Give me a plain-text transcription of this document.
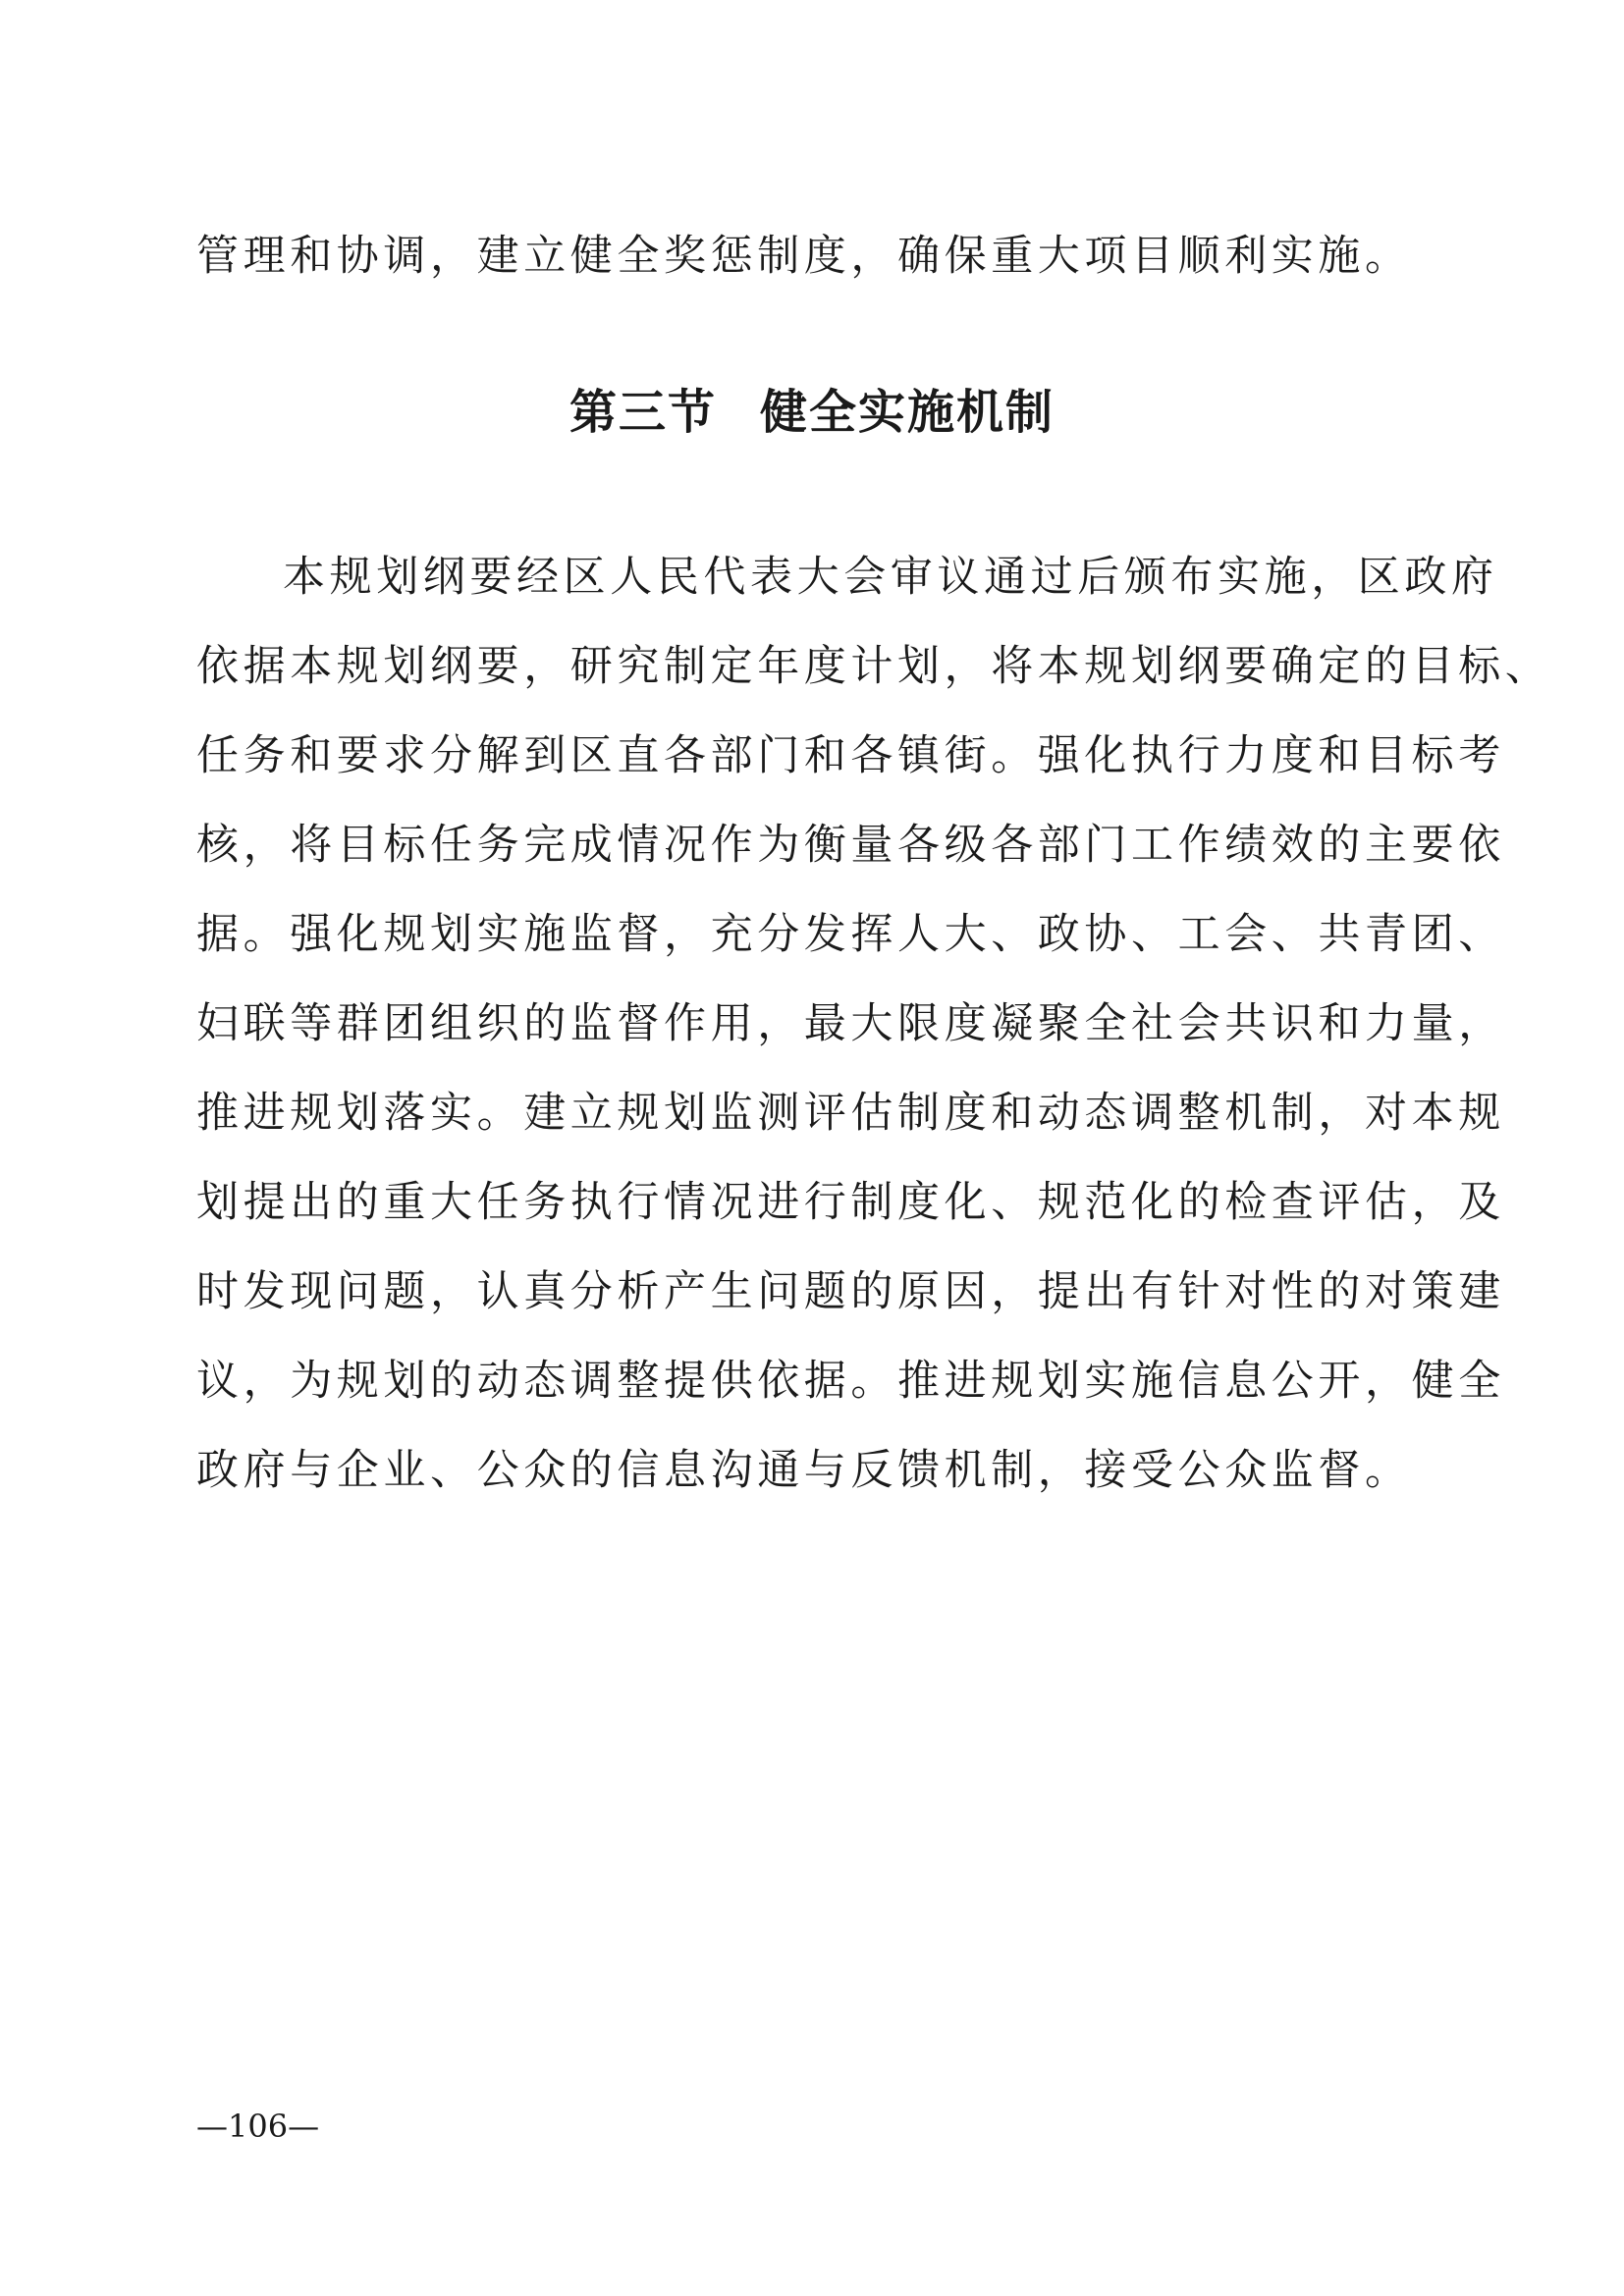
管理和协调，建立健全奖惩制度，确保重大项目顺利实施。
第三节 健全实施机制
本规划纲要经区人民代表大会审议通过后颁布实施，区政府
依据本规划纲要，研究制定年度计划，将本规划纲要确定的目标、
任务和要求分解到区直各部门和各镇街。强化执行力度和目标考
核，将目标任务完成情况作为衡量各级各部门工作绩效的主要依
据。强化规划实施监督，充分发挥人大、政协、工会、共青团、
妇联等群团组织的监督作用，最大限度凝聚全社会共识和力量，
推进规划落实。建立规划监测评估制度和动态调整机制，对本规
划提出的重大任务执行情况进行制度化、规范化的检查评估，及
时发现问题，认真分析产生问题的原因，提出有针对性的对策建
议，为规划的动态调整提供依据。推进规划实施信息公开，健全
政府与企业、公众的信息沟通与反馈机制，接受公众监督。
—106—
